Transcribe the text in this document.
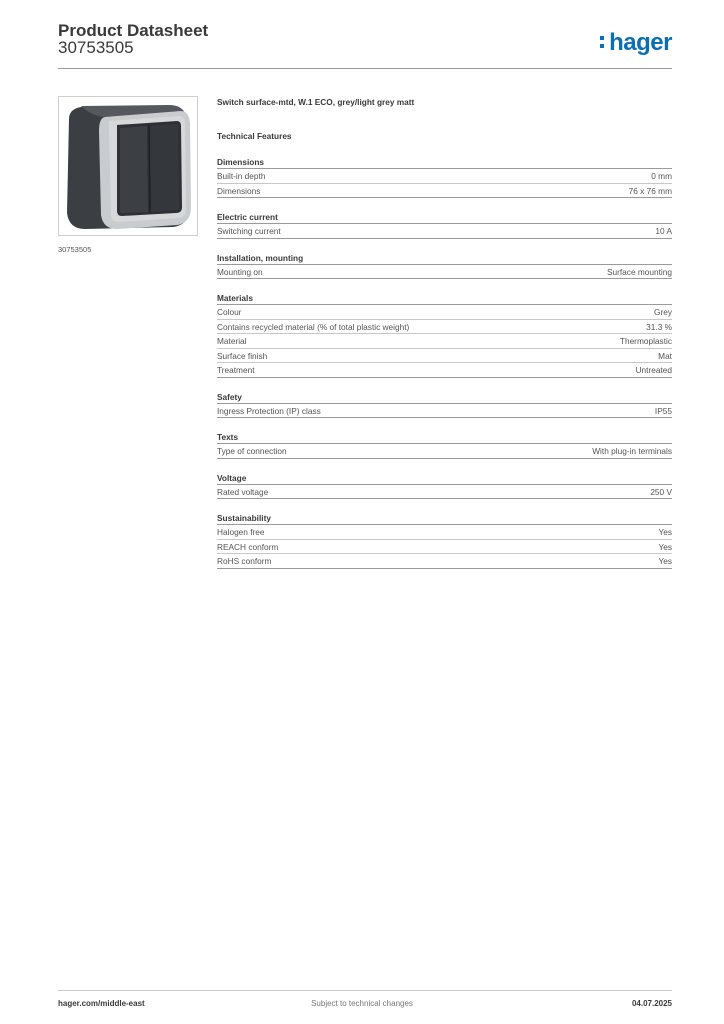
Product Datasheet
30753505	hager
30753505
Switch surface-mtd, W.1 ECO, grey/light grey matt
Technical Features
Dimensions
Built-in depth	0 mm
Dimensions	76 x 76 mm
Electric current
Switching current	10 A
Installation, mounting
Mounting on	Surface mounting
Materials
Colour	Grey
Contains recycled material (% of total plastic weight)	31.3 %
Material	Thermoplastic
Surface finish	Mat
Treatment	Untreated
Safety
Ingress Protection (IP) class	IP55
Texts
Type of connection	With plug-in terminals
Voltage
Rated voltage	250 V
Sustainability
Halogen free	Yes
REACH conform	Yes
RoHS conform	Yes
hager.com/middle-east	Subject to technical changes	04.07.2025
